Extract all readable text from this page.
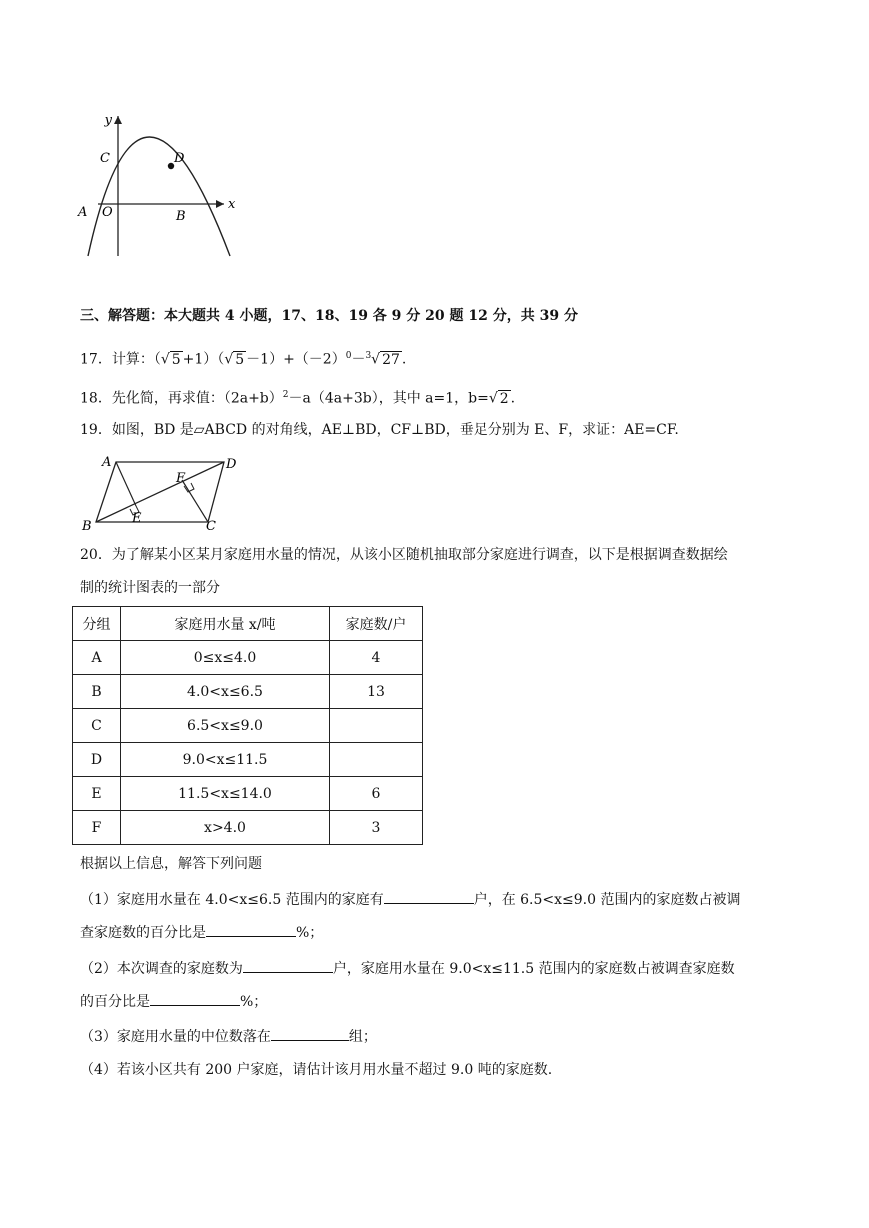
y
x
C	D
A O	B
三、解答题：本大题共 4 小题，17、18、19 各 9 分 20 题 12 分，共 39 分
17．计算：（√ 5 +1）（√ $5 -1)+(-2)^0-^3√$ 27 .
18．先化简，再求值：$(2a+b)^2-a(4a+3b)$，其中 a=1，b=√ 2 .
19．如图，BD 是▱ABCD 的对角线，AE⊥BD，CF⊥BD，垂足分别为 E、F，求证：AE=CF.
A	D
F
E
B	C
20．为了解某小区某月家庭用水量的情况，从该小区随机抽取部分家庭进行调查，以下是根据调查数据绘
制的统计图表的一部分
分组	家庭用水量 x/吨	家庭数/户
A	0≤x≤4.0	4
B	4.0<x≤6.5	13
C	6.5<x≤9.0	
D	9.0<x≤11.5	
E	11.5<x≤14.0	6
F	x>4.0	3
根据以上信息，解答下列问题
（1）家庭用水量在 4.0<x≤6.5 范围内的家庭有	户，在 6.5<x≤9.0 范围内的家庭数占被调
查家庭数的百分比是	%；
（2）本次调查的家庭数为	户，家庭用水量在 9.0<x≤11.5 范围内的家庭数占被调查家庭数
的百分比是	%；
（3）家庭用水量的中位数落在	组；
（4）若该小区共有 200 户家庭，请估计该月用水量不超过 9.0 吨的家庭数.
